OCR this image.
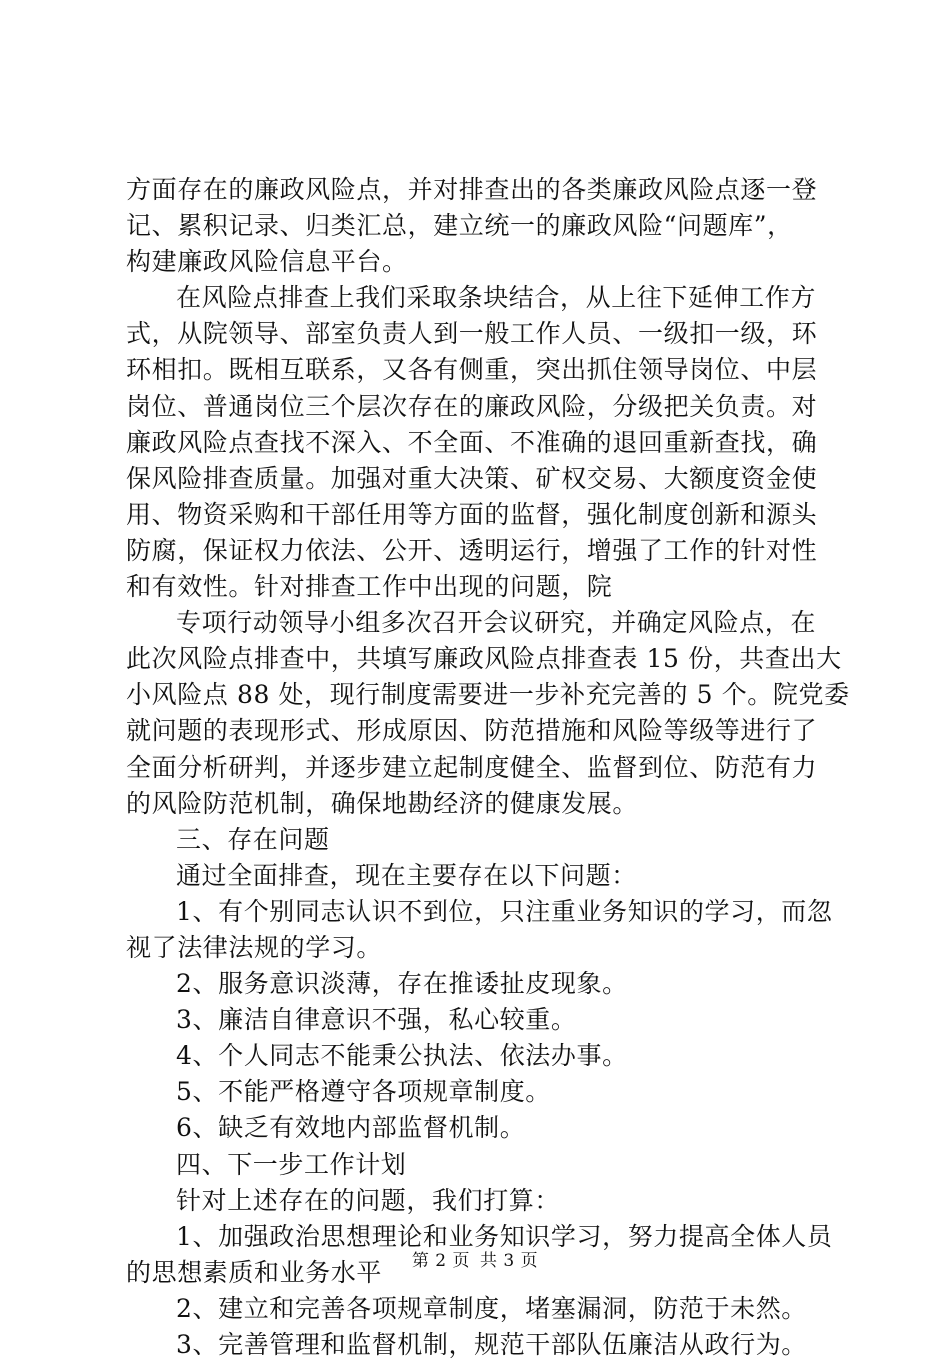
方面存在的廉政风险点，并对排查出的各类廉政风险点逐一登
记、累积记录、归类汇总，建立统一的廉政风险“问题库”，
构建廉政风险信息平台。
在风险点排查上我们采取条块结合，从上往下延伸工作方
式，从院领导、部室负责人到一般工作人员、一级扣一级，环
环相扣。既相互联系，又各有侧重，突出抓住领导岗位、中层
岗位、普通岗位三个层次存在的廉政风险，分级把关负责。对
廉政风险点查找不深入、不全面、不准确的退回重新查找，确
保风险排查质量。加强对重大决策、矿权交易、大额度资金使
用、物资采购和干部任用等方面的监督，强化制度创新和源头
防腐，保证权力依法、公开、透明运行，增强了工作的针对性
和有效性。针对排查工作中出现的问题，院
专项行动领导小组多次召开会议研究，并确定风险点，在
此次风险点排查中，共填写廉政风险点排查表 15 份，共查出大
小风险点 88 处，现行制度需要进一步补充完善的 5 个。院党委
就问题的表现形式、形成原因、防范措施和风险等级等进行了
全面分析研判，并逐步建立起制度健全、监督到位、防范有力
的风险防范机制，确保地勘经济的健康发展。
三、存在问题
通过全面排查，现在主要存在以下问题：
1、有个别同志认识不到位，只注重业务知识的学习，而忽
视了法律法规的学习。
2、服务意识淡薄，存在推诿扯皮现象。
3、廉洁自律意识不强，私心较重。
4、个人同志不能秉公执法、依法办事。
5、不能严格遵守各项规章制度。
6、缺乏有效地内部监督机制。
四、下一步工作计划
针对上述存在的问题，我们打算：
1、加强政治思想理论和业务知识学习，努力提高全体人员
的思想素质和业务水平
2、建立和完善各项规章制度，堵塞漏洞，防范于未然。
3、完善管理和监督机制，规范干部队伍廉洁从政行为。
第 2 页 共 3 页
